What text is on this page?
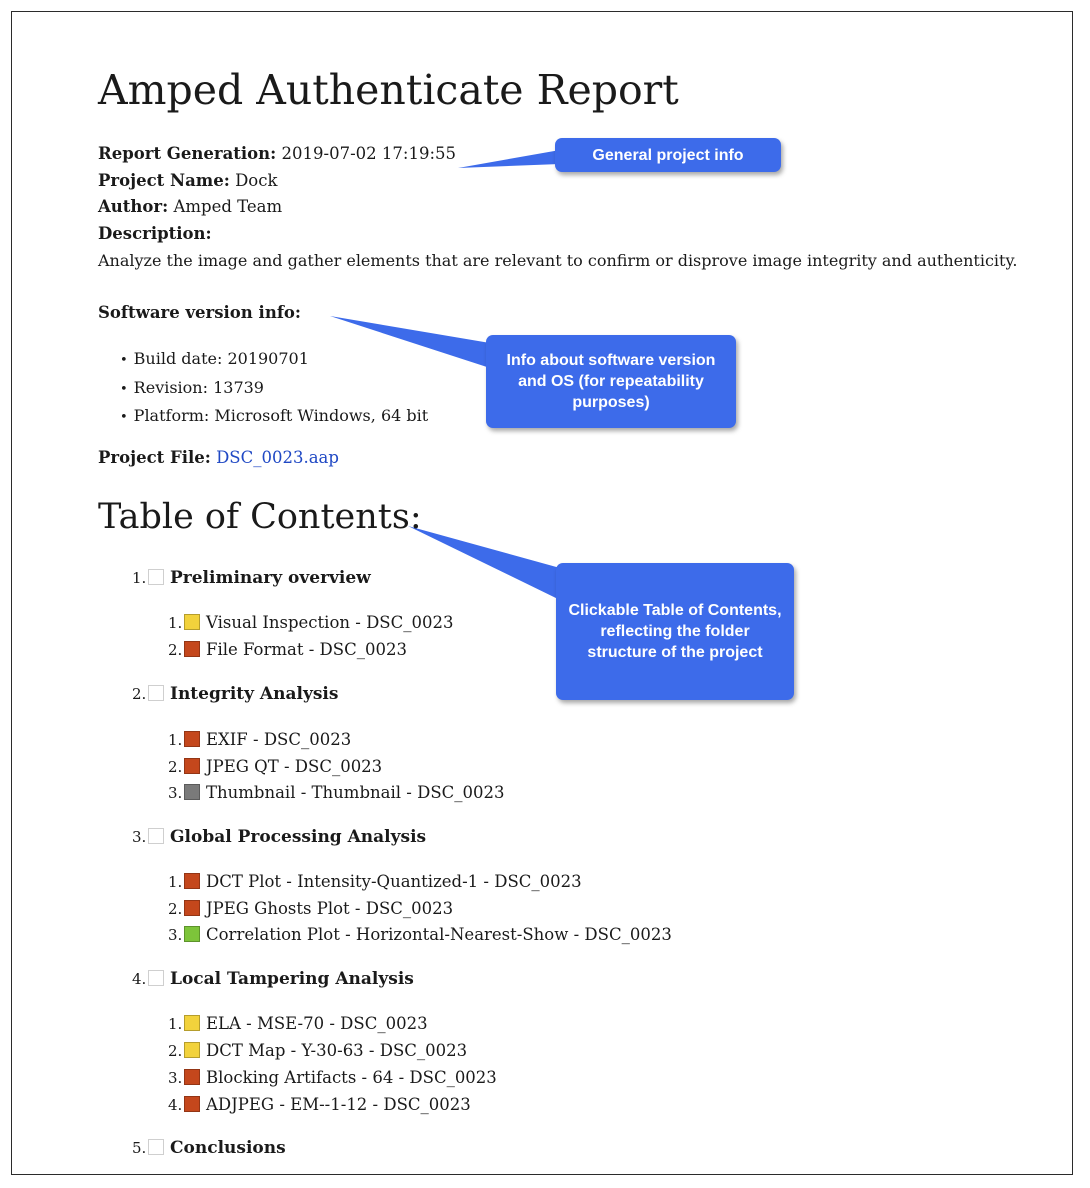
Amped Authenticate Report
Report Generation: 2019-07-02 17:19:55
Project Name: Dock
Author: Amped Team
Description:
Analyze the image and gather elements that are relevant to confirm or disprove image integrity and authenticity.
Software version info:
• Build date: 20190701
• Revision: 13739
• Platform: Microsoft Windows, 64 bit
Project File: DSC_0023.aap
Table of Contents:
1. Preliminary overview
1. Visual Inspection - DSC_0023
2. File Format - DSC_0023
2. Integrity Analysis
1. EXIF - DSC_0023
2. JPEG QT - DSC_0023
3. Thumbnail - Thumbnail - DSC_0023
3. Global Processing Analysis
1. DCT Plot - Intensity-Quantized-1 - DSC_0023
2. JPEG Ghosts Plot - DSC_0023
3. Correlation Plot - Horizontal-Nearest-Show - DSC_0023
4. Local Tampering Analysis
1. ELA - MSE-70 - DSC_0023
2. DCT Map - Y-30-63 - DSC_0023
3. Blocking Artifacts - 64 - DSC_0023
4. ADJPEG - EM--1-12 - DSC_0023
5. Conclusions
General project info
Info about software version and OS (for repeatability purposes)
Clickable Table of Contents, reflecting the folder structure of the project
